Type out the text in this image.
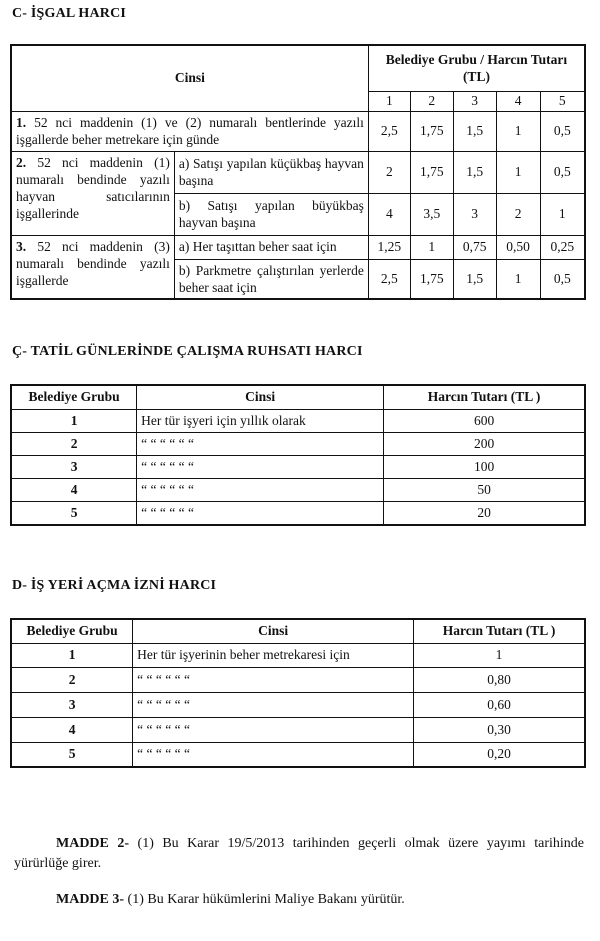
C- İŞGAL HARCI
Cinsi		Belediye Grubu / Harcın Tutarı (TL)				
		1	2	3	4	5
1. 52 nci maddenin (1) ve (2) numaralı bentlerinde yazılı işgallerde beher metrekare için günde		2,5	1,75	1,5	1	0,5
2. 52 nci maddenin (1) numaralı bendinde yazılı hayvan satıcılarının işgallerinde	a) Satışı yapılan küçükbaş hayvan başına	2	1,75	1,5	1	0,5
	b) Satışı yapılan büyükbaş hayvan başına	4	3,5	3	2	1
3. 52 nci maddenin (3) numaralı bendinde yazılı işgallerde	a) Her taşıttan beher saat için	1,25	1	0,75	0,50	0,25
	b) Parkmetre çalıştırılan yerlerde beher saat için	2,5	1,75	1,5	1	0,5
Ç- TATİL GÜNLERİNDE ÇALIŞMA RUHSATI HARCI
Belediye Grubu	Cinsi	Harcın Tutarı (TL )
1	Her tür işyeri için yıllık olarak	600
2	“ “ “ “ “ “	200
3	“ “ “ “ “ “	100
4	“ “ “ “ “ “	50
5	“ “ “ “ “ “	20
D- İŞ YERİ AÇMA İZNİ HARCI
Belediye Grubu	Cinsi	Harcın Tutarı (TL )
1	Her tür işyerinin beher metrekaresi için	1
2	“ “ “ “ “ “	0,80
3	“ “ “ “ “ “	0,60
4	“ “ “ “ “ “	0,30
5	“ “ “ “ “ “	0,20
MADDE 2- (1) Bu Karar 19/5/2013 tarihinden geçerli olmak üzere yayımı tarihinde yürürlüğe girer.
MADDE 3- (1) Bu Karar hükümlerini Maliye Bakanı yürütür.
